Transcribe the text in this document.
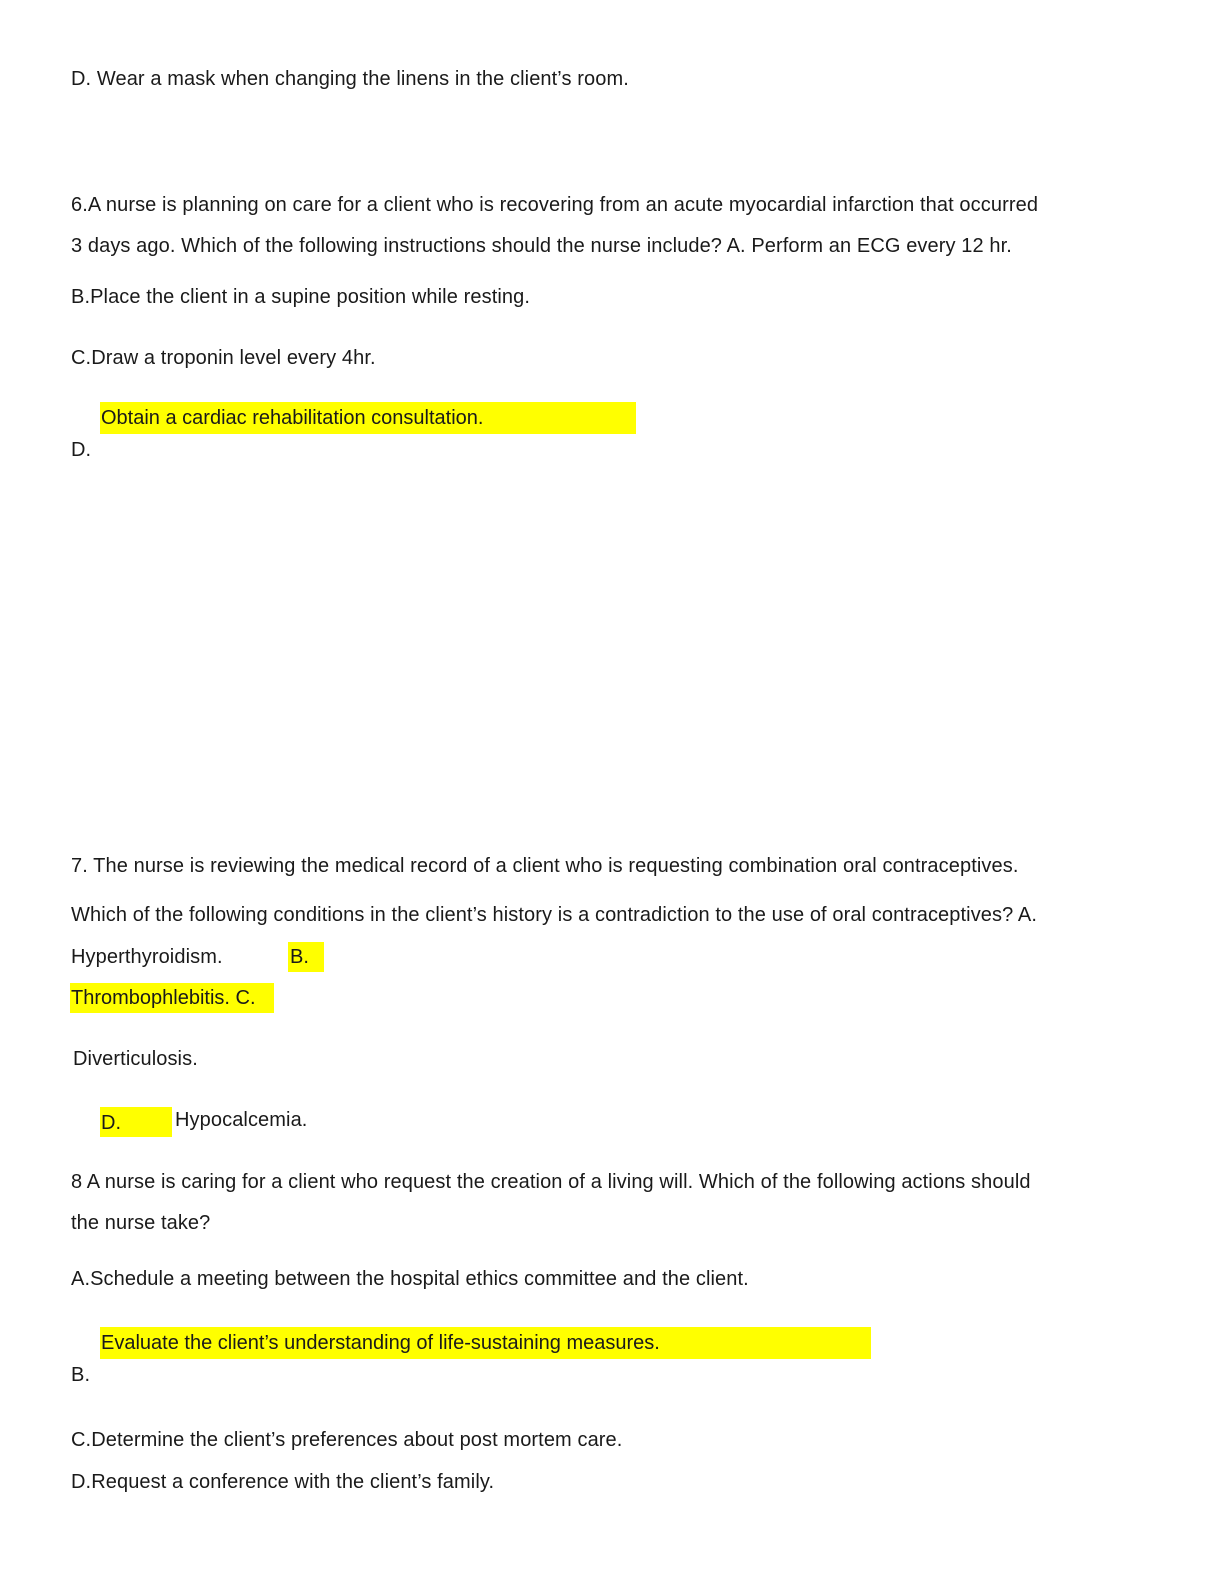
D. Wear a mask when changing the linens in the client’s room.
6.A nurse is planning on care for a client who is recovering from an acute myocardial infarction that occurred
3 days ago. Which of the following instructions should the nurse include? A. Perform an ECG every 12 hr.
B.Place the client in a supine position while resting.
C.Draw a troponin level every 4hr.
Obtain a cardiac rehabilitation consultation.
D.
7. The nurse is reviewing the medical record of a client who is requesting combination oral contraceptives.
Which of the following conditions in the client’s history is a contradiction to the use of oral contraceptives? A.
Hyperthyroidism.	B.
Thrombophlebitis. C.
Diverticulosis.
D.	Hypocalcemia.
8 A nurse is caring for a client who request the creation of a living will. Which of the following actions should
the nurse take?
A.Schedule a meeting between the hospital ethics committee and the client.
Evaluate the client’s understanding of life-sustaining measures.
B.
C.Determine the client’s preferences about post mortem care.
D.Request a conference with the client’s family.
